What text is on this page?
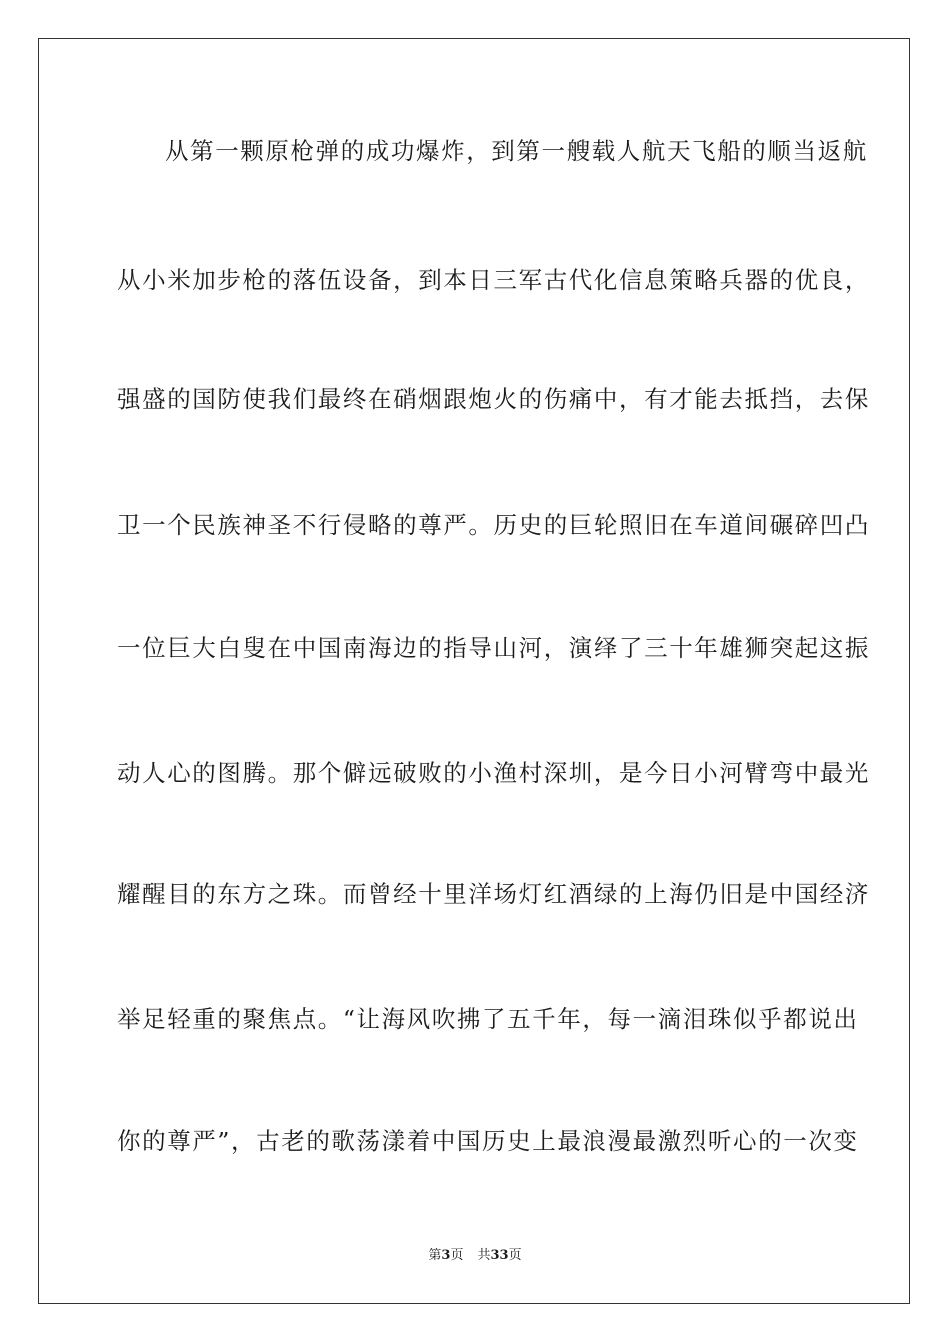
从第一颗原枪弹的成功爆炸，到第一艘载人航天飞船的顺当返航
从小米加步枪的落伍设备，到本日三军古代化信息策略兵器的优良，
强盛的国防使我们最终在硝烟跟炮火的伤痛中，有才能去抵挡，去保
卫一个民族神圣不行侵略的尊严。历史的巨轮照旧在车道间碾碎凹凸
一位巨大白叟在中国南海边的指导山河，演绎了三十年雄狮突起这振
动人心的图腾。那个僻远破败的小渔村深圳，是今日小河臂弯中最光
耀醒目的东方之珠。而曾经十里洋场灯红酒绿的上海仍旧是中国经济
举足轻重的聚焦点。“让海风吹拂了五千年，每一滴泪珠似乎都说出
你的尊严”，古老的歌荡漾着中国历史上最浪漫最激烈听心的一次变
第3页 共33页
